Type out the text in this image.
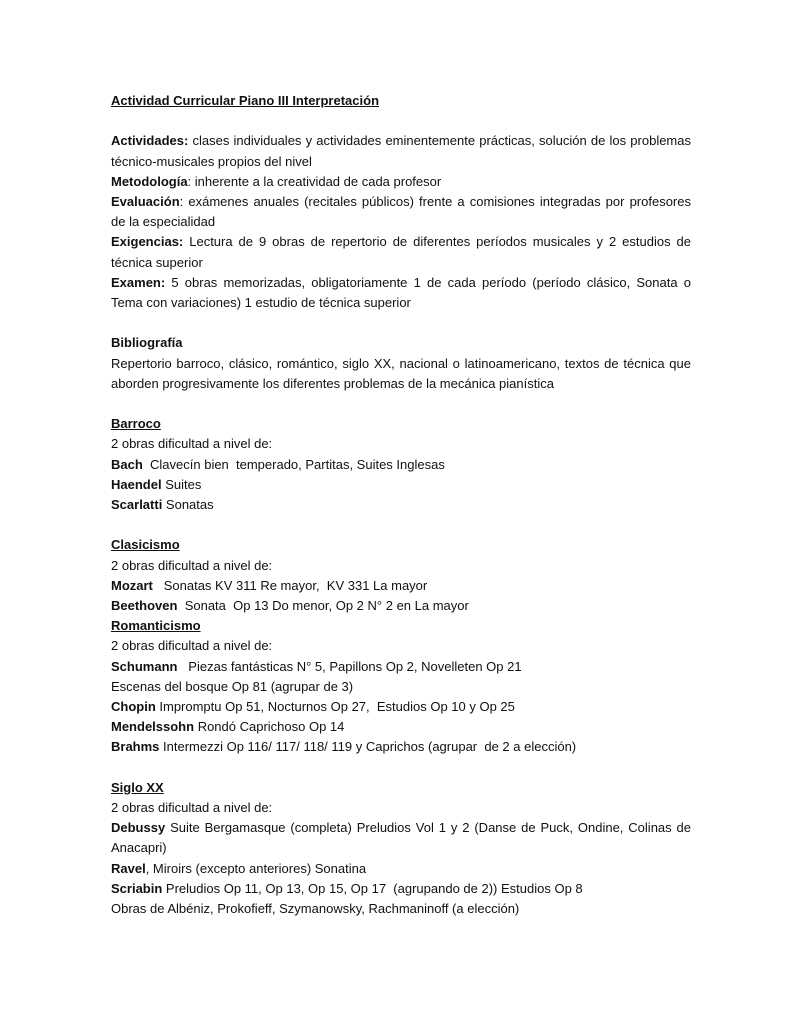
Actividad Curricular Piano III Interpretación
Actividades: clases individuales y actividades eminentemente prácticas, solución de los problemas técnico-musicales propios del nivel
Metodología: inherente a la creatividad de cada profesor
Evaluación: exámenes anuales (recitales públicos) frente a comisiones integradas por profesores de la especialidad
Exigencias: Lectura de 9 obras de repertorio de diferentes períodos musicales y 2 estudios de técnica superior
Examen: 5 obras memorizadas, obligatoriamente 1 de cada período (período clásico, Sonata o Tema con variaciones) 1 estudio de técnica superior
Bibliografía
Repertorio barroco, clásico, romántico, siglo XX, nacional o latinoamericano, textos de técnica que aborden progresivamente los diferentes problemas de la mecánica pianística
Barroco
2 obras dificultad a nivel de:
Bach  Clavecín bien  temperado, Partitas, Suites Inglesas
Haendel Suites
Scarlatti Sonatas
Clasicismo
2 obras dificultad a nivel de:
Mozart   Sonatas KV 311 Re mayor,  KV 331 La mayor
Beethoven  Sonata  Op 13 Do menor, Op 2 N° 2 en La mayor
Romanticismo
2 obras dificultad a nivel de:
Schumann   Piezas fantásticas N° 5, Papillons Op 2, Novelleten Op 21
Escenas del bosque Op 81 (agrupar de 3)
Chopin Impromptu Op 51, Nocturnos Op 27,  Estudios Op 10 y Op 25
Mendelssohn Rondó Caprichoso Op 14
Brahms Intermezzi Op 116/ 117/ 118/ 119 y Caprichos (agrupar  de 2 a elección)
Siglo XX
2 obras dificultad a nivel de:
Debussy Suite Bergamasque (completa) Preludios Vol 1 y 2 (Danse de Puck, Ondine, Colinas de Anacapri)
Ravel, Miroirs (excepto anteriores) Sonatina
Scriabin Preludios Op 11, Op 13, Op 15, Op 17  (agrupando de 2)) Estudios Op 8
Obras de Albéniz, Prokofieff, Szymanowsky, Rachmaninoff (a elección)
